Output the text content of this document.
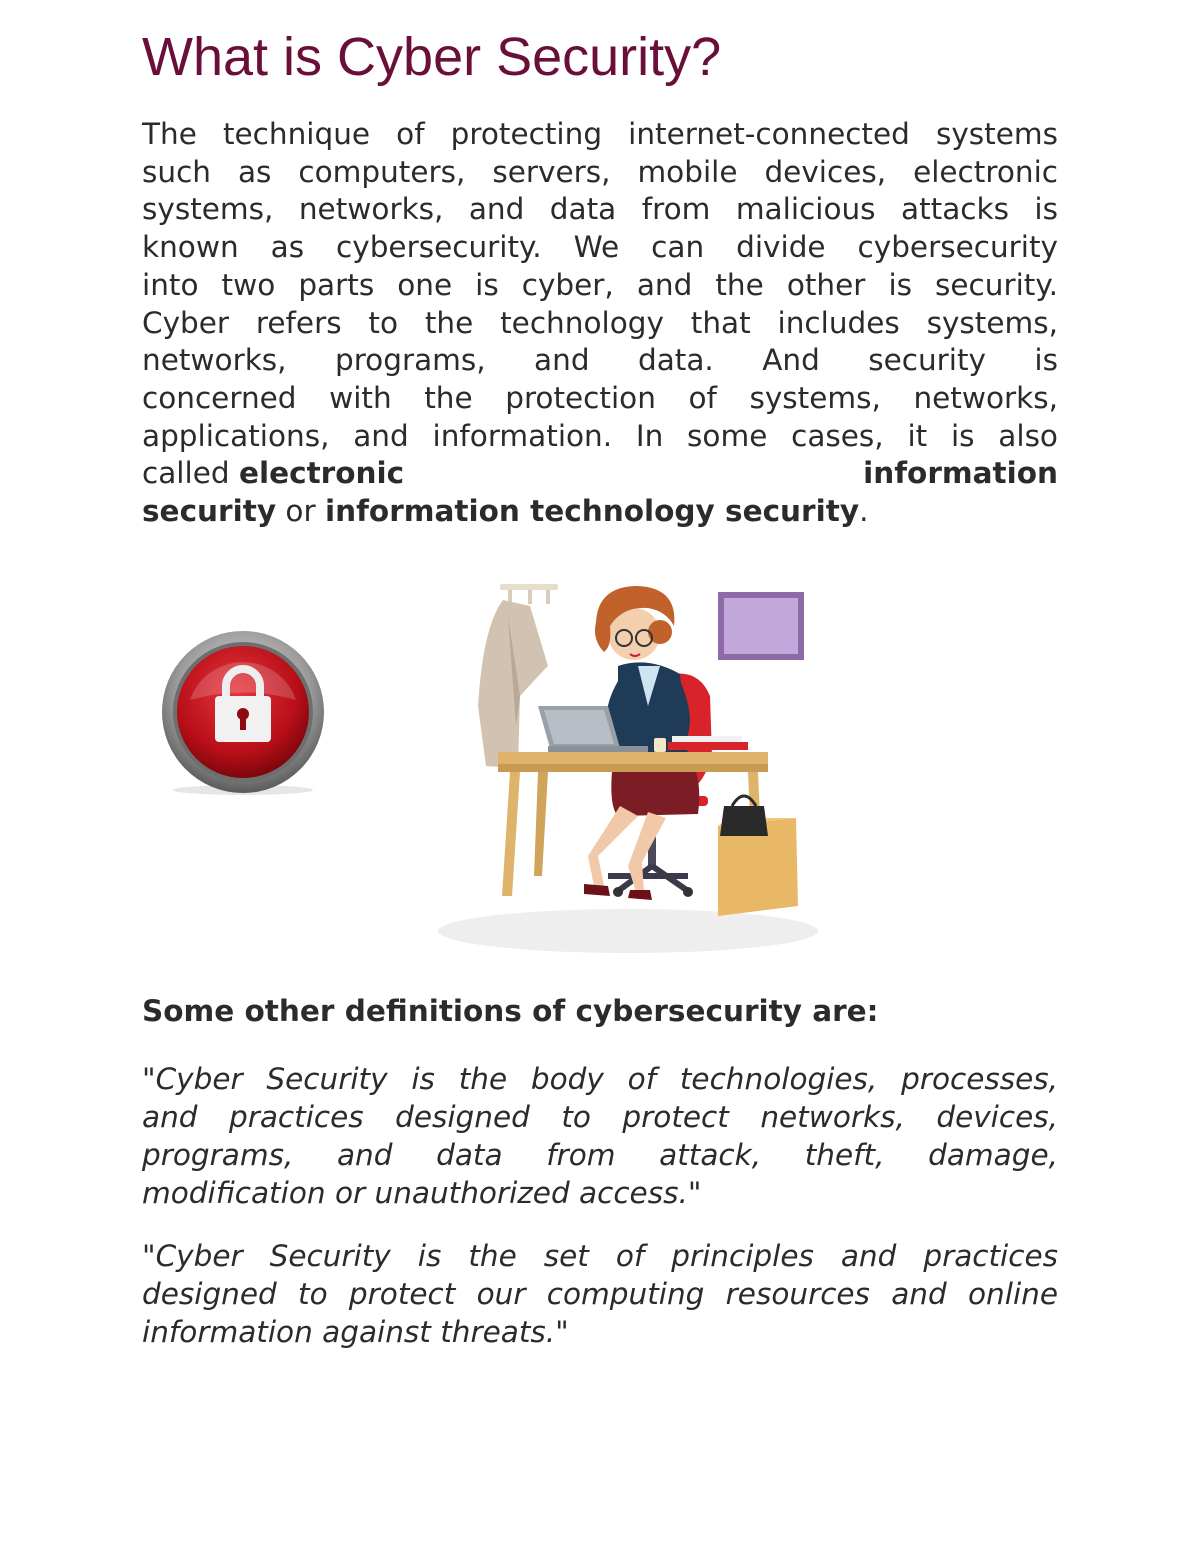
What is Cyber Security?
The technique of protecting internet-connected systems
such as computers, servers, mobile devices, electronic
systems, networks, and data from malicious attacks is
known as cybersecurity. We can divide cybersecurity
into two parts one is cyber, and the other is security.
Cyber refers to the technology that includes systems,
networks, programs, and data. And security is
concerned with the protection of systems, networks,
applications, and information. In some cases, it is also
called electronic	information
security or information technology security.

Some other definitions of cybersecurity are:

"Cyber Security is the body of technologies, processes,
and practices designed to protect networks, devices,
programs, and data from attack, theft, damage,
modification or unauthorized access."
"Cyber Security is the set of principles and practices
designed to protect our computing resources and online
information against threats."
